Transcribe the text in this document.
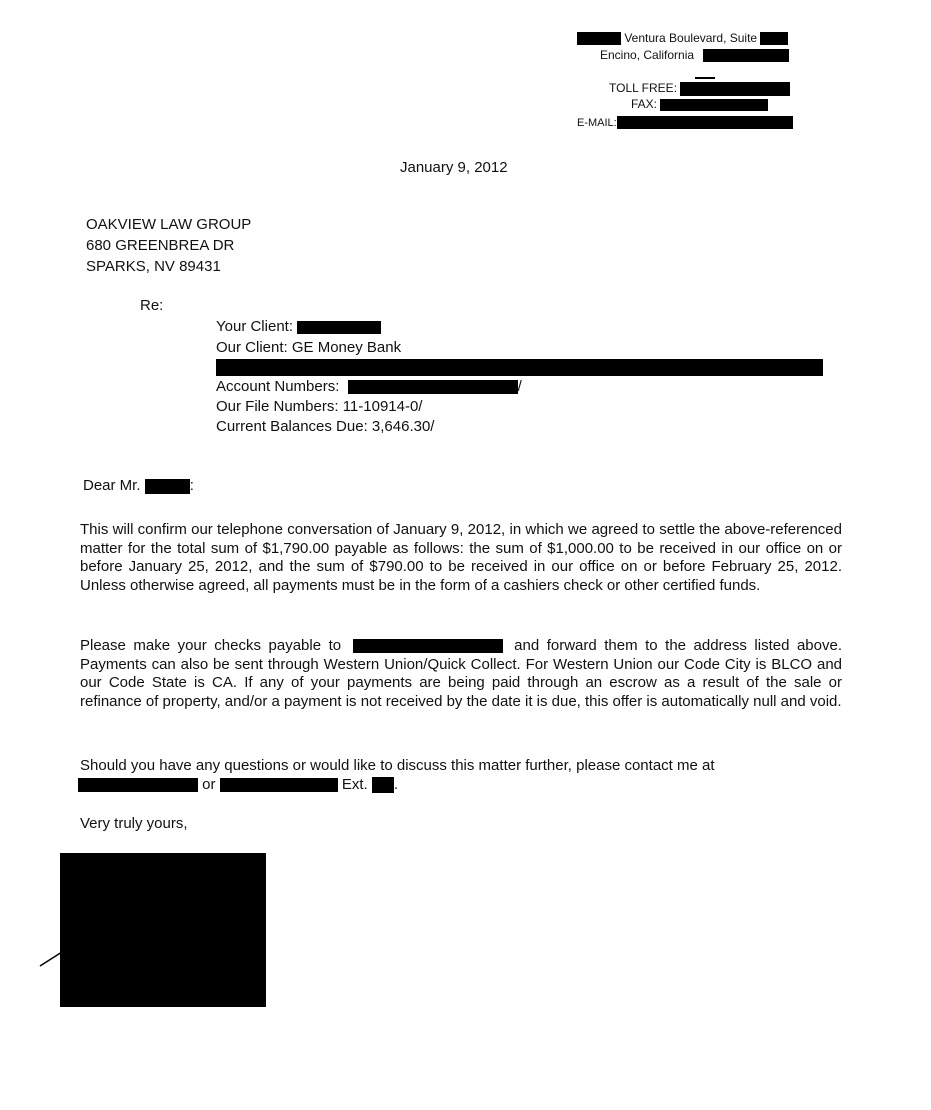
Ventura Boulevard, Suite
Encino, California
TOLL FREE:
FAX:
E-MAIL:
January 9, 2012
OAKVIEW LAW GROUP
680 GREENBREA DR
SPARKS, NV 89431
Re:
Your Client:
Our Client: GE Money Bank
Account Numbers:	/
Our File Numbers: 11-10914-0/
Current Balances Due: 3,646.30/
Dear Mr.	:
This will confirm our telephone conversation of January 9, 2012, in which we agreed to settle the above-referenced matter for the total sum of $1,790.00 payable as follows: the sum of $1,000.00 to be received in our office on or before January 25, 2012, and the sum of $790.00 to be received in our office on or before February 25, 2012. Unless otherwise agreed, all payments must be in the form of a cashiers check or other certified funds.
Please make your checks payable to	and forward them to the address listed above. Payments can also be sent through Western Union/Quick Collect. For Western Union our Code City is BLCO and our Code State is CA. If any of your payments are being paid through an escrow as a result of the sale or refinance of property, and/or a payment is not received by the date it is due, this offer is automatically null and void.
Should you have any questions or would like to discuss this matter further, please contact me at
or	Ext. .
Very truly yours,
